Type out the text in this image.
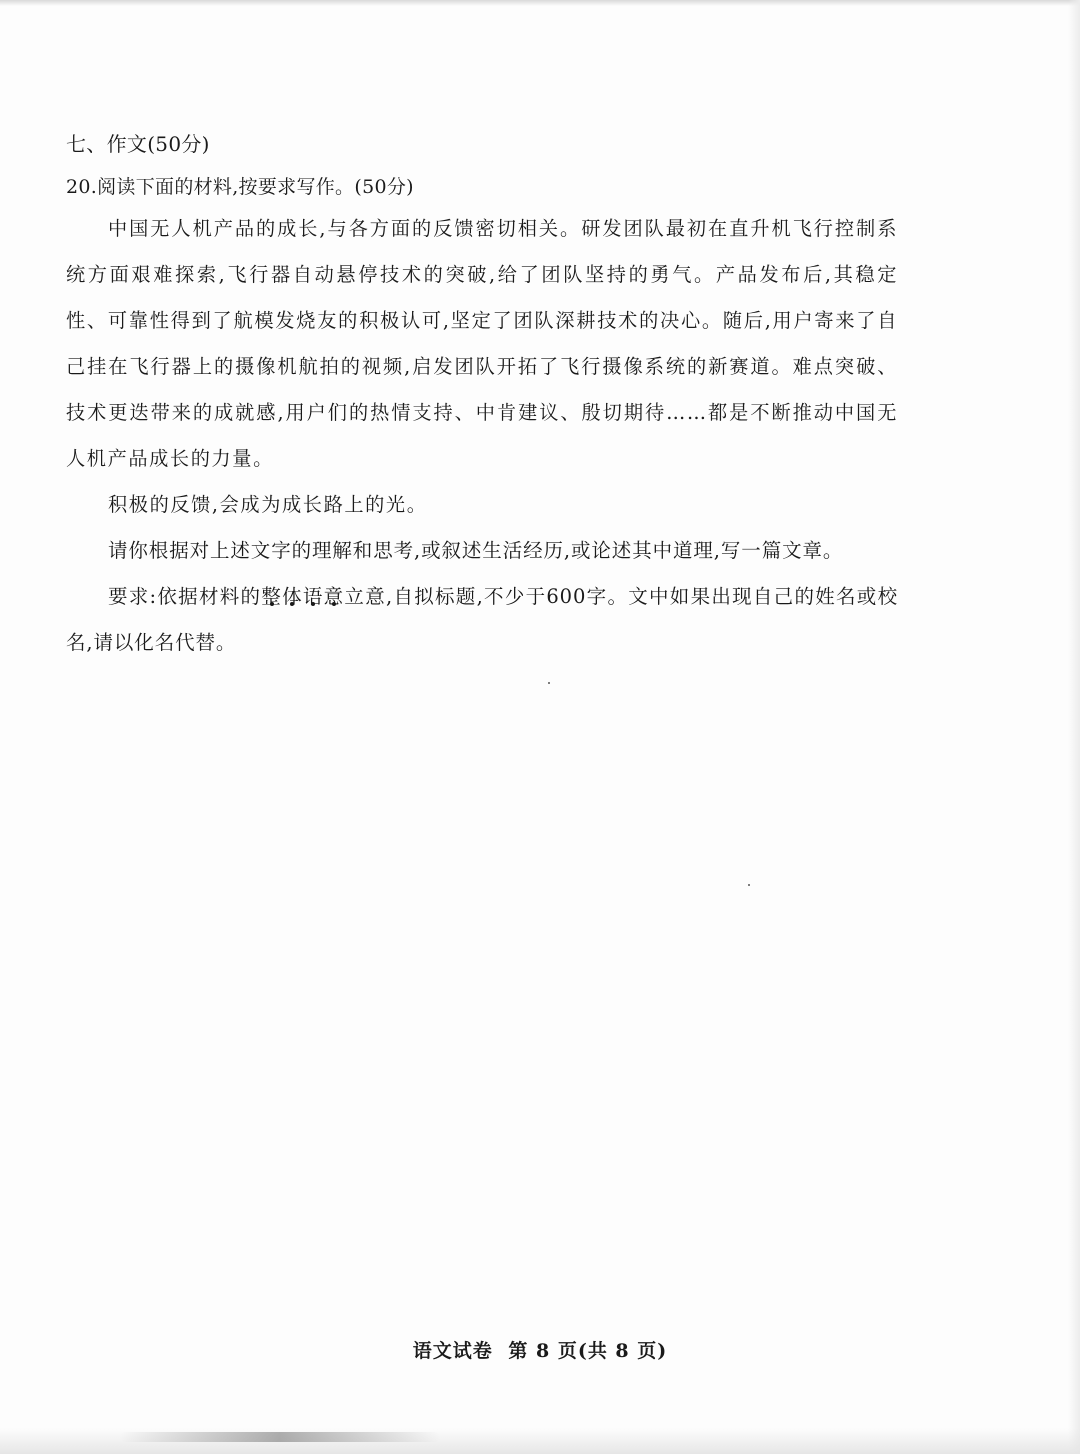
七、作文(50分)
20.阅读下面的材料,按要求写作。(50分)
中国无人机产品的成长,与各方面的反馈密切相关。研发团队最初在直升机飞行控制系统方面艰难探索,飞行器自动悬停技术的突破,给了团队坚持的勇气。产品发布后,其稳定性、可靠性得到了航模发烧友的积极认可,坚定了团队深耕技术的决心。随后,用户寄来了自己挂在飞行器上的摄像机航拍的视频,启发团队开拓了飞行摄像系统的新赛道。难点突破、技术更迭带来的成就感,用户们的热情支持、中肯建议、殷切期待……都是不断推动中国无人机产品成长的力量。
积极的反馈,会成为成长路上的光。
请你根据对上述文字的理解和思考,或叙述生活经历,或论述其中道理,写一篇文章。
要求:依据材料的整体语意立意,自拟标题,不少于600字。文中如果出现自己的姓名或校名,请以化名代替。
语文试卷 第 8 页(共 8 页)
